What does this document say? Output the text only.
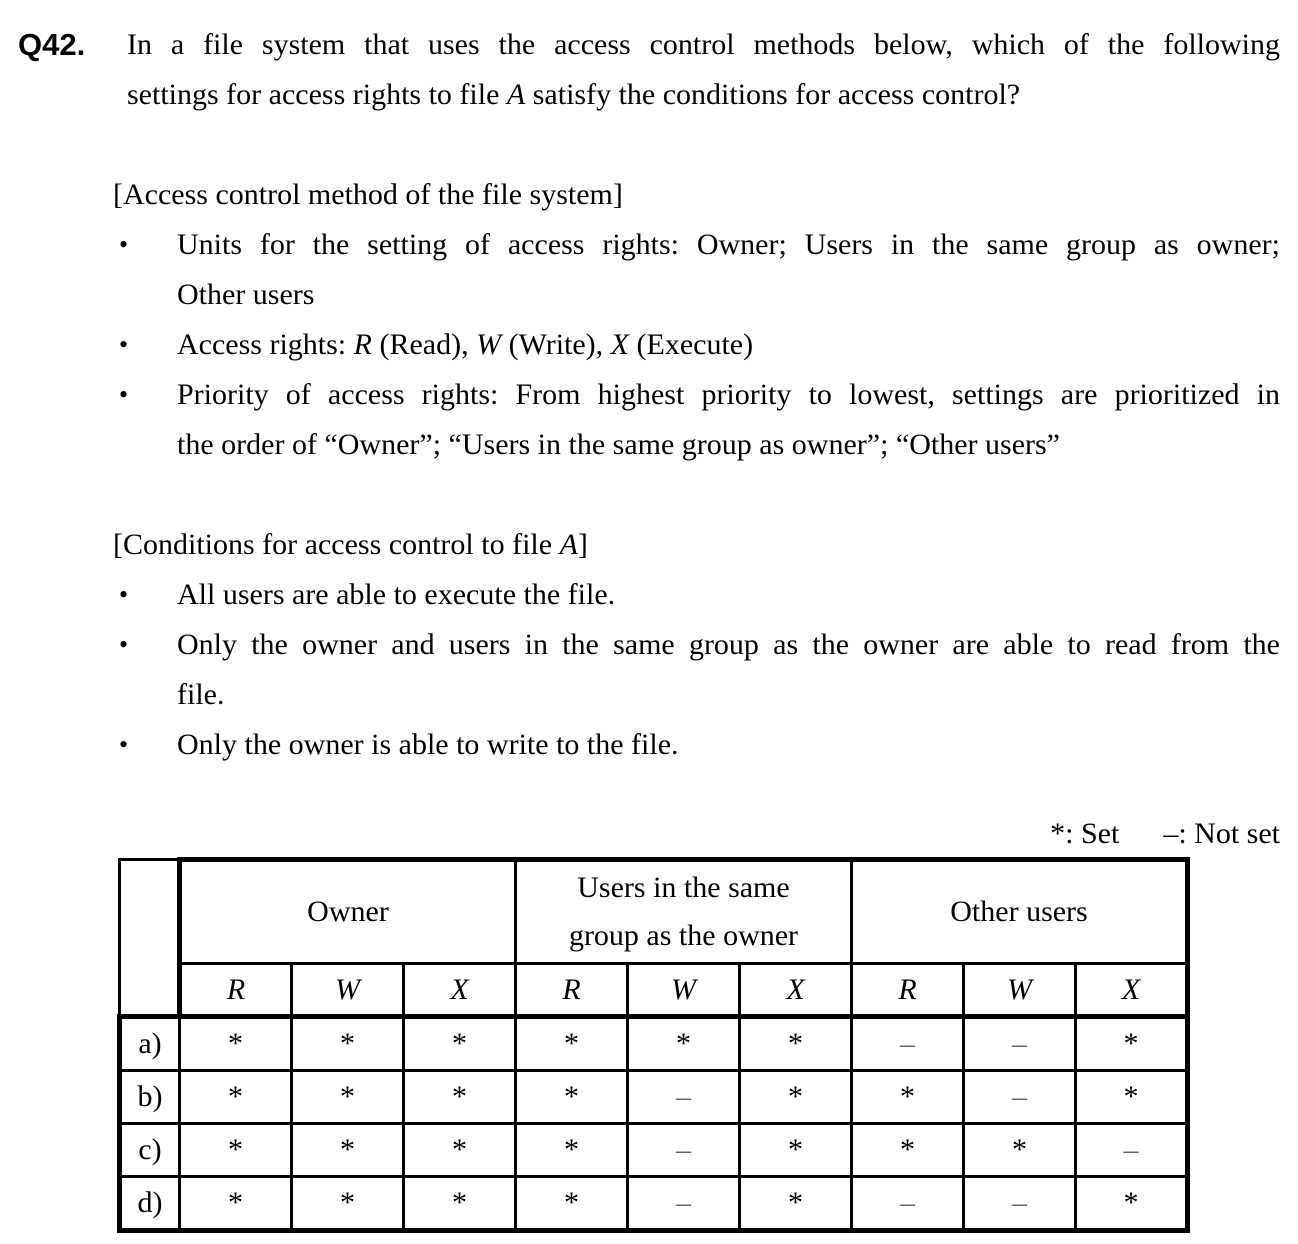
Q42. In a file system that uses the access control methods below, which of the following
settings for access rights to file A satisfy the conditions for access control?
[Access control method of the file system]
• Units for the setting of access rights: Owner; Users in the same group as owner;
Other users
• Access rights: R (Read), W (Write), X (Execute)
• Priority of access rights: From highest priority to lowest, settings are prioritized in
the order of “Owner”; “Users in the same group as owner”; “Other users”
[Conditions for access control to file A]
• All users are able to execute the file.
• Only the owner and users in the same group as the owner are able to read from the
file.
• Only the owner is able to write to the file.
*: Set –: Not set
	Owner			Users in the same group as the owner			Other users		
	R	W	X	R	W	X	R	W	X
a)	*	*	*	*	*	*	–	–	*
b)	*	*	*	*	–	*	*	–	*
c)	*	*	*	*	–	*	*	*	–
d)	*	*	*	*	–	*	–	–	*
